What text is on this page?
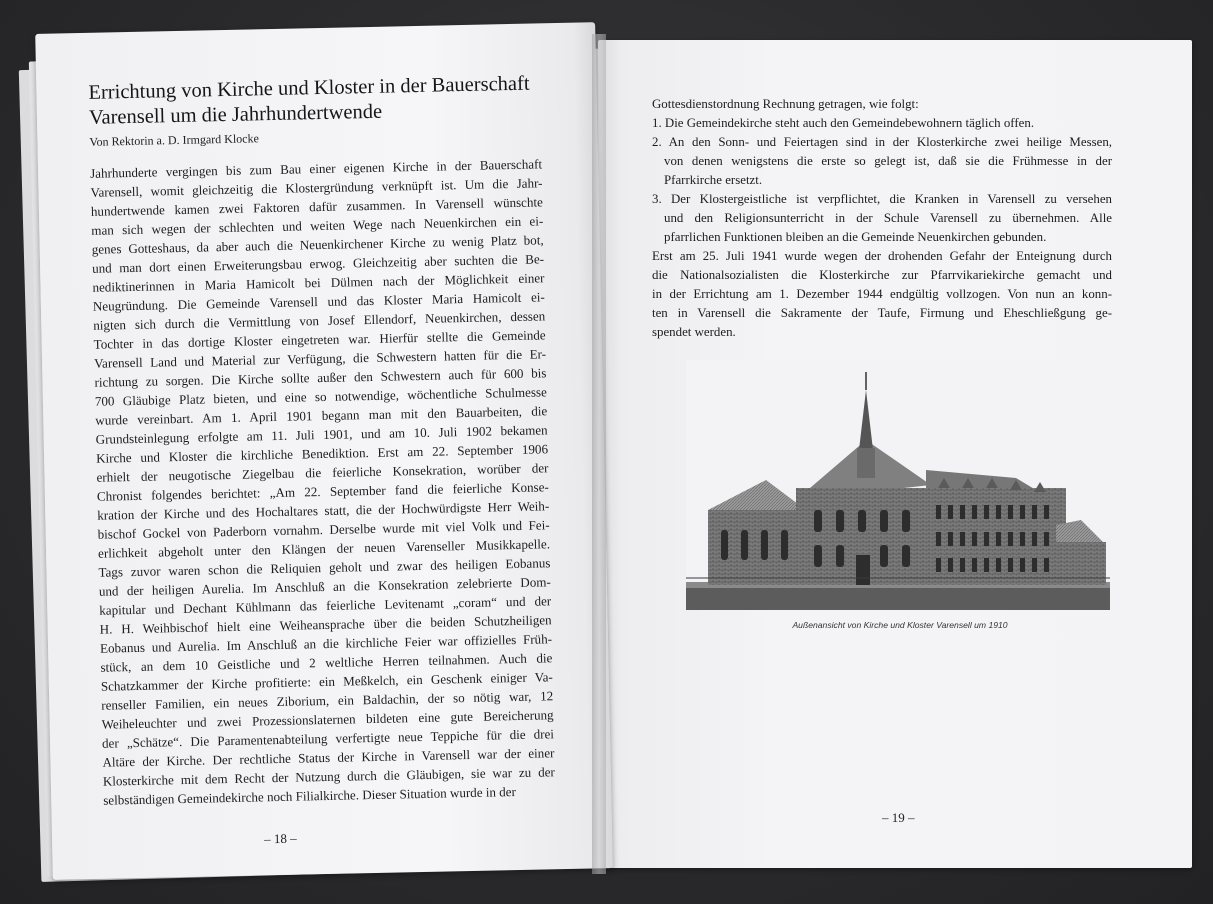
Gottesdienstordnung Rechnung getragen, wie folgt:
1. Die Gemeindekirche steht auch den Gemeindebewohnern täglich offen.
2. An den Sonn- und Feiertagen sind in der Klosterkirche zwei heilige Messen,
von denen wenigstens die erste so gelegt ist, daß sie die Frühmesse in der
Pfarrkirche ersetzt.
3. Der Klostergeistliche ist verpflichtet, die Kranken in Varensell zu versehen
und den Religionsunterricht in der Schule Varensell zu übernehmen. Alle
pfarrlichen Funktionen bleiben an die Gemeinde Neuenkirchen gebunden.
Erst am 25. Juli 1941 wurde wegen der drohenden Gefahr der Enteignung durch
die Nationalsozialisten die Klosterkirche zur Pfarrvikariekirche gemacht und
in der Errichtung am 1. Dezember 1944 endgültig vollzogen. Von nun an konn-
ten in Varensell die Sakramente der Taufe, Firmung und Eheschließgung ge-
spendet werden.
Außenansicht von Kirche und Kloster Varensell um 1910
– 19 –
Errichtung von Kirche und Kloster in der Bauerschaft
Varensell um die Jahrhundertwende
Von Rektorin a. D. Irmgard Klocke
Jahrhunderte vergingen bis zum Bau einer eigenen Kirche in der Bauerschaft
Varensell, womit gleichzeitig die Klostergründung verknüpft ist. Um die Jahr-
hundertwende kamen zwei Faktoren dafür zusammen. In Varensell wünschte
man sich wegen der schlechten und weiten Wege nach Neuenkirchen ein ei-
genes Gotteshaus, da aber auch die Neuenkirchener Kirche zu wenig Platz bot,
und man dort einen Erweiterungsbau erwog. Gleichzeitig aber suchten die Be-
nediktinerinnen in Maria Hamicolt bei Dülmen nach der Möglichkeit einer
Neugründung. Die Gemeinde Varensell und das Kloster Maria Hamicolt ei-
nigten sich durch die Vermittlung von Josef Ellendorf, Neuenkirchen, dessen
Tochter in das dortige Kloster eingetreten war. Hierfür stellte die Gemeinde
Varensell Land und Material zur Verfügung, die Schwestern hatten für die Er-
richtung zu sorgen. Die Kirche sollte außer den Schwestern auch für 600 bis
700 Gläubige Platz bieten, und eine so notwendige, wöchentliche Schulmesse
wurde vereinbart. Am 1. April 1901 begann man mit den Bauarbeiten, die
Grundsteinlegung erfolgte am 11. Juli 1901, und am 10. Juli 1902 bekamen
Kirche und Kloster die kirchliche Benediktion. Erst am 22. September 1906
erhielt der neugotische Ziegelbau die feierliche Konsekration, worüber der
Chronist folgendes berichtet: „Am 22. September fand die feierliche Konse-
kration der Kirche und des Hochaltares statt, die der Hochwürdigste Herr Weih-
bischof Gockel von Paderborn vornahm. Derselbe wurde mit viel Volk und Fei-
erlichkeit abgeholt unter den Klängen der neuen Varenseller Musikkapelle.
Tags zuvor waren schon die Reliquien geholt und zwar des heiligen Eobanus
und der heiligen Aurelia. Im Anschluß an die Konsekration zelebrierte Dom-
kapitular und Dechant Kühlmann das feierliche Levitenamt „coram“ und der
H. H. Weihbischof hielt eine Weiheansprache über die beiden Schutzheiligen
Eobanus und Aurelia. Im Anschluß an die kirchliche Feier war offizielles Früh-
stück, an dem 10 Geistliche und 2 weltliche Herren teilnahmen. Auch die
Schatzkammer der Kirche profitierte: ein Meßkelch, ein Geschenk einiger Va-
renseller Familien, ein neues Ziborium, ein Baldachin, der so nötig war, 12
Weiheleuchter und zwei Prozessionslaternen bildeten eine gute Bereicherung
der „Schätze“. Die Paramentenabteilung verfertigte neue Teppiche für die drei
Altäre der Kirche. Der rechtliche Status der Kirche in Varensell war der einer
Klosterkirche mit dem Recht der Nutzung durch die Gläubigen, sie war zu der
selbständigen Gemeindekirche noch Filialkirche. Dieser Situation wurde in der
– 18 –
